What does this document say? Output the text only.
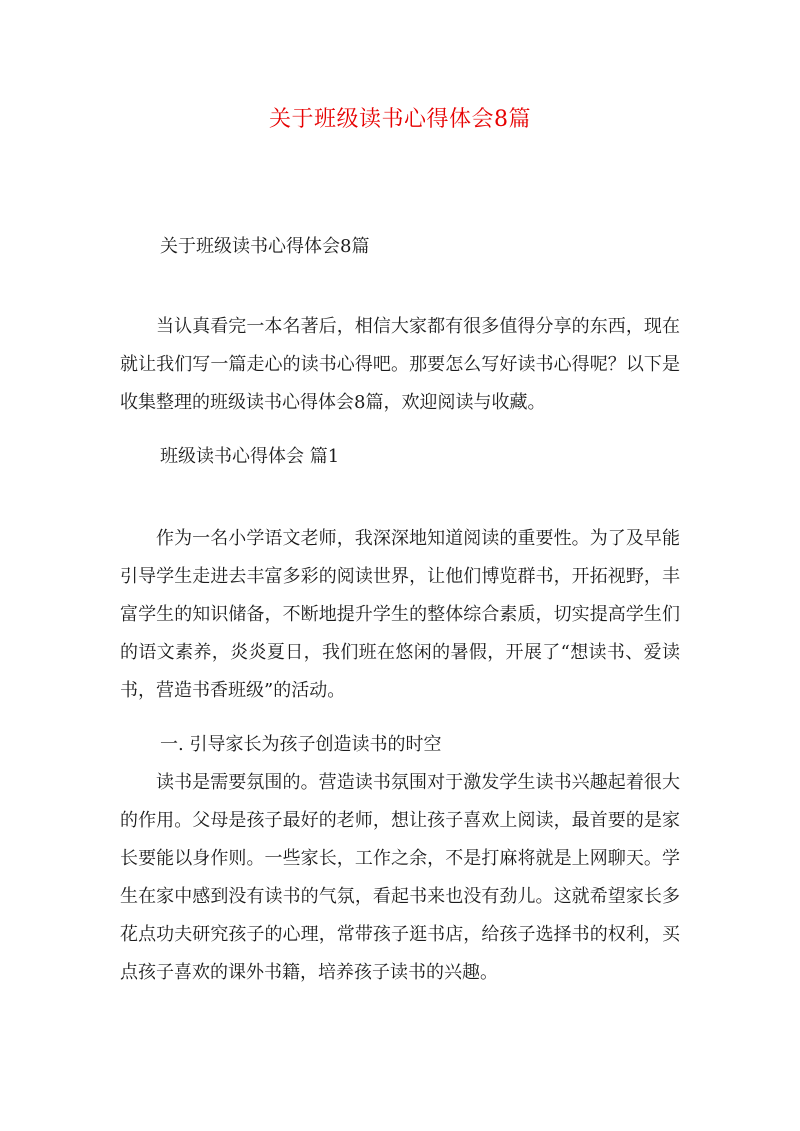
关于班级读书心得体会8篇

关于班级读书心得体会8篇

当认真看完一本名著后，相信大家都有很多值得分享的东西，现在就让我们写一篇走心的读书心得吧。那要怎么写好读书心得呢？以下是收集整理的班级读书心得体会8篇，欢迎阅读与收藏。

班级读书心得体会 篇1

作为一名小学语文老师，我深深地知道阅读的重要性。为了及早能引导学生走进去丰富多彩的阅读世界，让他们博览群书，开拓视野，丰富学生的知识储备，不断地提升学生的整体综合素质，切实提高学生们的语文素养，炎炎夏日，我们班在悠闲的暑假，开展了“想读书、爱读书，营造书香班级”的活动。

一. 引导家长为孩子创造读书的时空

读书是需要氛围的。营造读书氛围对于激发学生读书兴趣起着很大的作用。父母是孩子最好的老师，想让孩子喜欢上阅读，最首要的是家长要能以身作则。一些家长，工作之余，不是打麻将就是上网聊天。学生在家中感到没有读书的气氛，看起书来也没有劲儿。这就希望家长多花点功夫研究孩子的心理，常带孩子逛书店，给孩子选择书的权利，买点孩子喜欢的课外书籍，培养孩子读书的兴趣。
